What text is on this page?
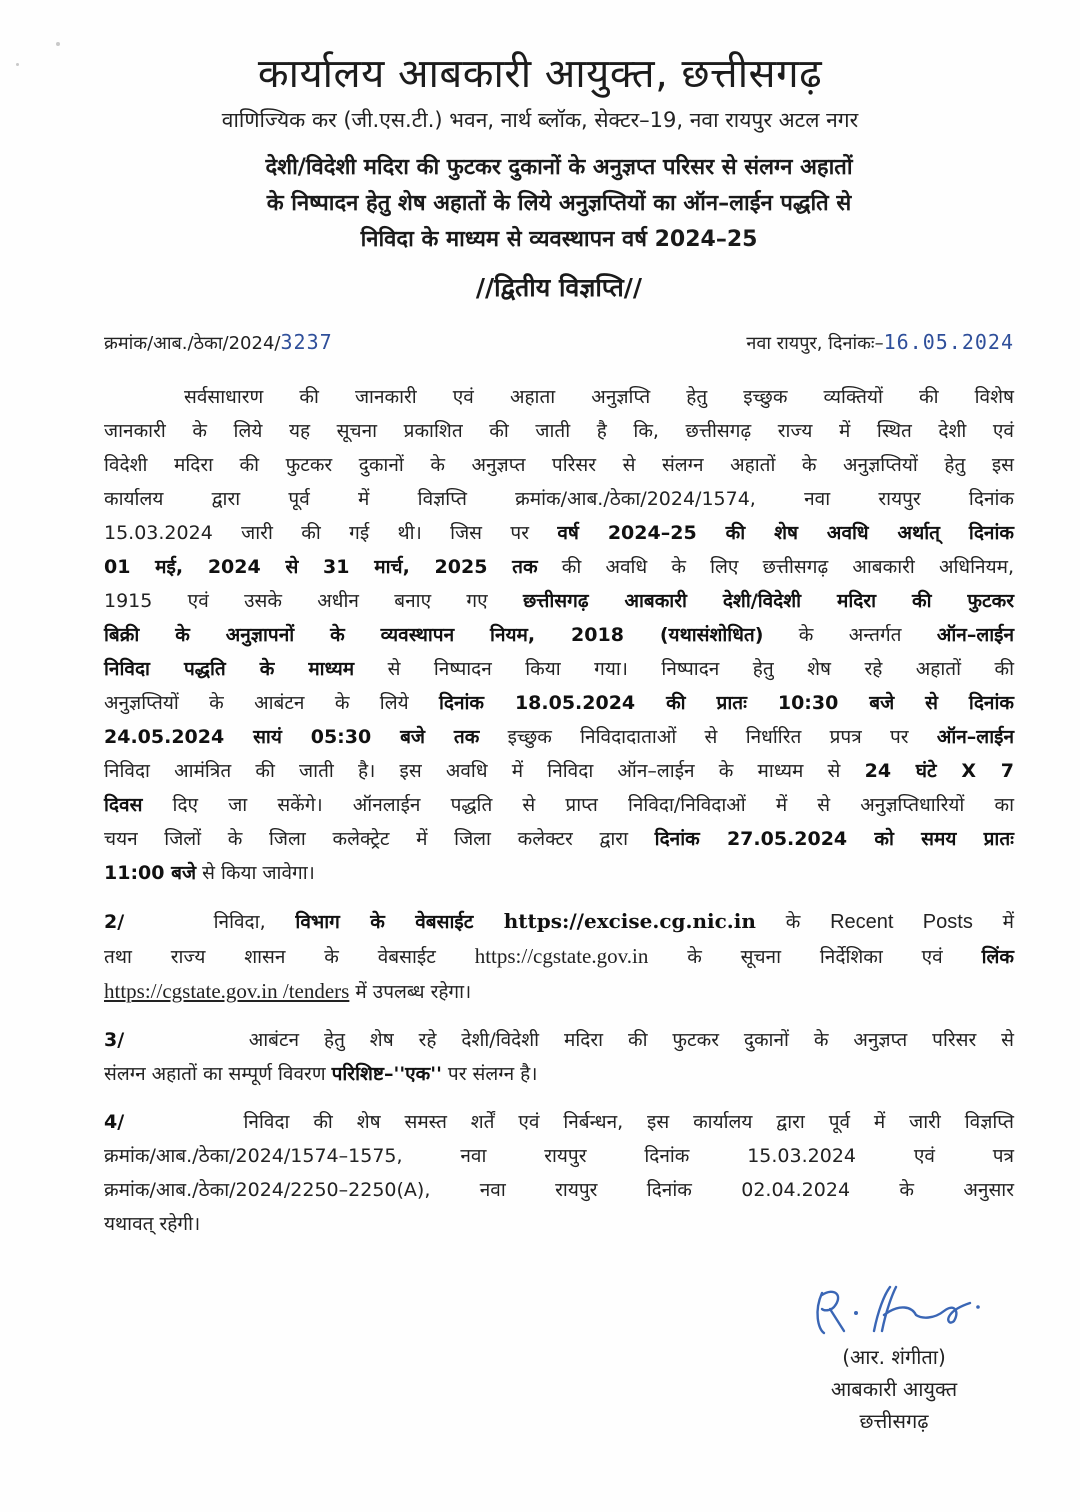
कार्यालय आबकारी आयुक्त, छत्तीसगढ़
वाणिज्यिक कर (जी.एस.टी.) भवन, नार्थ ब्लॉक, सेक्टर–19, नवा रायपुर अटल नगर
देशी/विदेशी मदिरा की फुटकर दुकानों के अनुज्ञप्त परिसर से संलग्न अहातों
के निष्पादन हेतु शेष अहातों के लिये अनुज्ञप्तियों का ऑन–लाईन पद्धति से
निविदा के माध्यम से व्यवस्थापन वर्ष 2024–25
//द्वितीय विज्ञप्ति//
क्रमांक/आब./ठेका/2024/3237	नवा रायपुर, दिनांकः–16.05.2024
सर्वसाधारण की जानकारी एवं अहाता अनुज्ञप्ति हेतु इच्छुक व्यक्तियों की विशेष
जानकारी के लिये यह सूचना प्रकाशित की जाती है कि, छत्तीसगढ़ राज्य में स्थित देशी एवं
विदेशी मदिरा की फुटकर दुकानों के अनुज्ञप्त परिसर से संलग्न अहातों के अनुज्ञप्तियों हेतु इस
कार्यालय द्वारा पूर्व में विज्ञप्ति क्रमांक/आब./ठेका/2024/1574, नवा रायपुर दिनांक
15.03.2024 जारी की गई थी। जिस पर वर्ष 2024–25 की शेष अवधि अर्थात् दिनांक
01 मई, 2024 से 31 मार्च, 2025 तक की अवधि के लिए छत्तीसगढ़ आबकारी अधिनियम,
1915 एवं उसके अधीन बनाए गए छत्तीसगढ़ आबकारी देशी/विदेशी मदिरा की फुटकर
बिक्री के अनुज्ञापनों के व्यवस्थापन नियम, 2018 (यथासंशोधित) के अन्तर्गत ऑन–लाईन
निविदा पद्धति के माध्यम से निष्पादन किया गया। निष्पादन हेतु शेष रहे अहातों की
अनुज्ञप्तियों के आबंटन के लिये दिनांक 18.05.2024 की प्रातः 10:30 बजे से दिनांक
24.05.2024 सायं 05:30 बजे तक इच्छुक निविदादाताओं से निर्धारित प्रपत्र पर ऑन–लाईन
निविदा आमंत्रित की जाती है। इस अवधि में निविदा ऑन–लाईन के माध्यम से 24 घंटे X 7
दिवस दिए जा सकेंगे। ऑनलाईन पद्धति से प्राप्त निविदा/निविदाओं में से अनुज्ञप्तिधारियों का
चयन जिलों के जिला कलेक्ट्रेट में जिला कलेक्टर द्वारा दिनांक 27.05.2024 को समय प्रातः
11:00 बजे से किया जावेगा।
2/	निविदा, विभाग के वेबसाईट https://excise.cg.nic.in के Recent Posts में
तथा राज्य शासन के वेबसाईट https://cgstate.gov.in के सूचना निर्देशिका एवं लिंक
https://cgstate.gov.in /tenders में उपलब्ध रहेगा।
3/	आबंटन हेतु शेष रहे देशी/विदेशी मदिरा की फुटकर दुकानों के अनुज्ञप्त परिसर से
संलग्न अहातों का सम्पूर्ण विवरण परिशिष्ट–''एक'' पर संलग्न है।
4/	निविदा की शेष समस्त शर्तें एवं निर्बन्धन, इस कार्यालय द्वारा पूर्व में जारी विज्ञप्ति
क्रमांक/आब./ठेका/2024/1574–1575, नवा रायपुर दिनांक 15.03.2024 एवं पत्र
क्रमांक/आब./ठेका/2024/2250–2250(A), नवा रायपुर दिनांक 02.04.2024 के अनुसार
यथावत् रहेगी।
(आर. शंगीता)
आबकारी आयुक्त
छत्तीसगढ़
